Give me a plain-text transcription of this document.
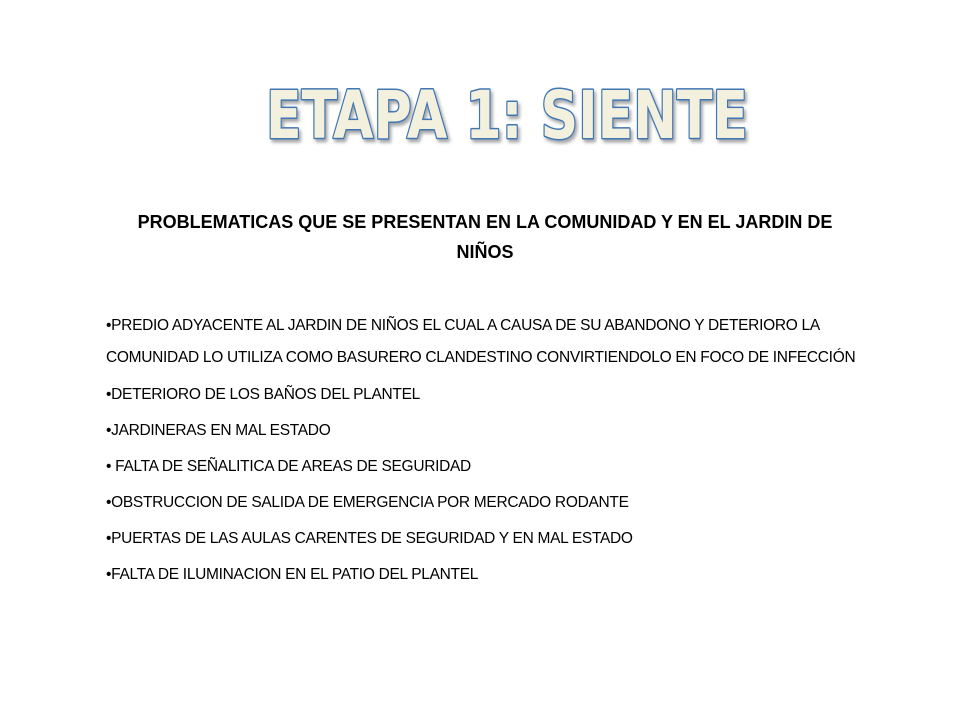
ETAPA 1: SIENTE

PROBLEMATICAS QUE SE PRESENTAN EN LA COMUNIDAD Y EN EL JARDIN DE NIÑOS

•PREDIO ADYACENTE AL JARDIN DE NIÑOS EL CUAL A CAUSA DE SU ABANDONO Y DETERIORO LA COMUNIDAD LO UTILIZA COMO BASURERO CLANDESTINO CONVIRTIENDOLO EN FOCO DE INFECCIÓN
•DETERIORO DE LOS BAÑOS DEL PLANTEL
•JARDINERAS EN MAL ESTADO
• FALTA DE SEÑALITICA DE AREAS DE SEGURIDAD
•OBSTRUCCION DE SALIDA DE EMERGENCIA POR MERCADO RODANTE
•PUERTAS DE LAS AULAS CARENTES DE SEGURIDAD Y EN MAL ESTADO
•FALTA DE ILUMINACION EN EL PATIO DEL PLANTEL
